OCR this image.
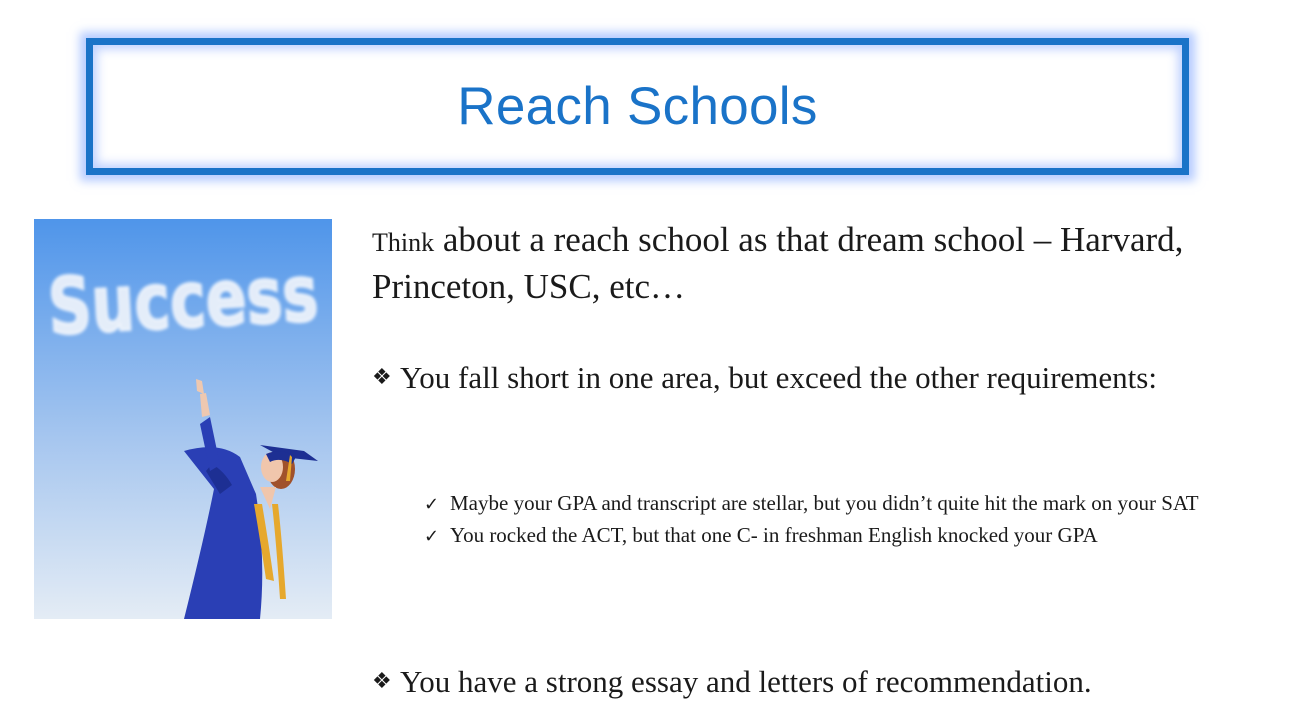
Reach Schools
Success

Think about a reach school as that dream school – Harvard, Princeton, USC, etc…

❖ You fall short in one area, but exceed the other requirements:

✓ Maybe your GPA and transcript are stellar, but you didn’t quite hit the mark on your SAT

✓ You rocked the ACT, but that one C- in freshman English knocked your GPA

❖ You have a strong essay and letters of recommendation.
